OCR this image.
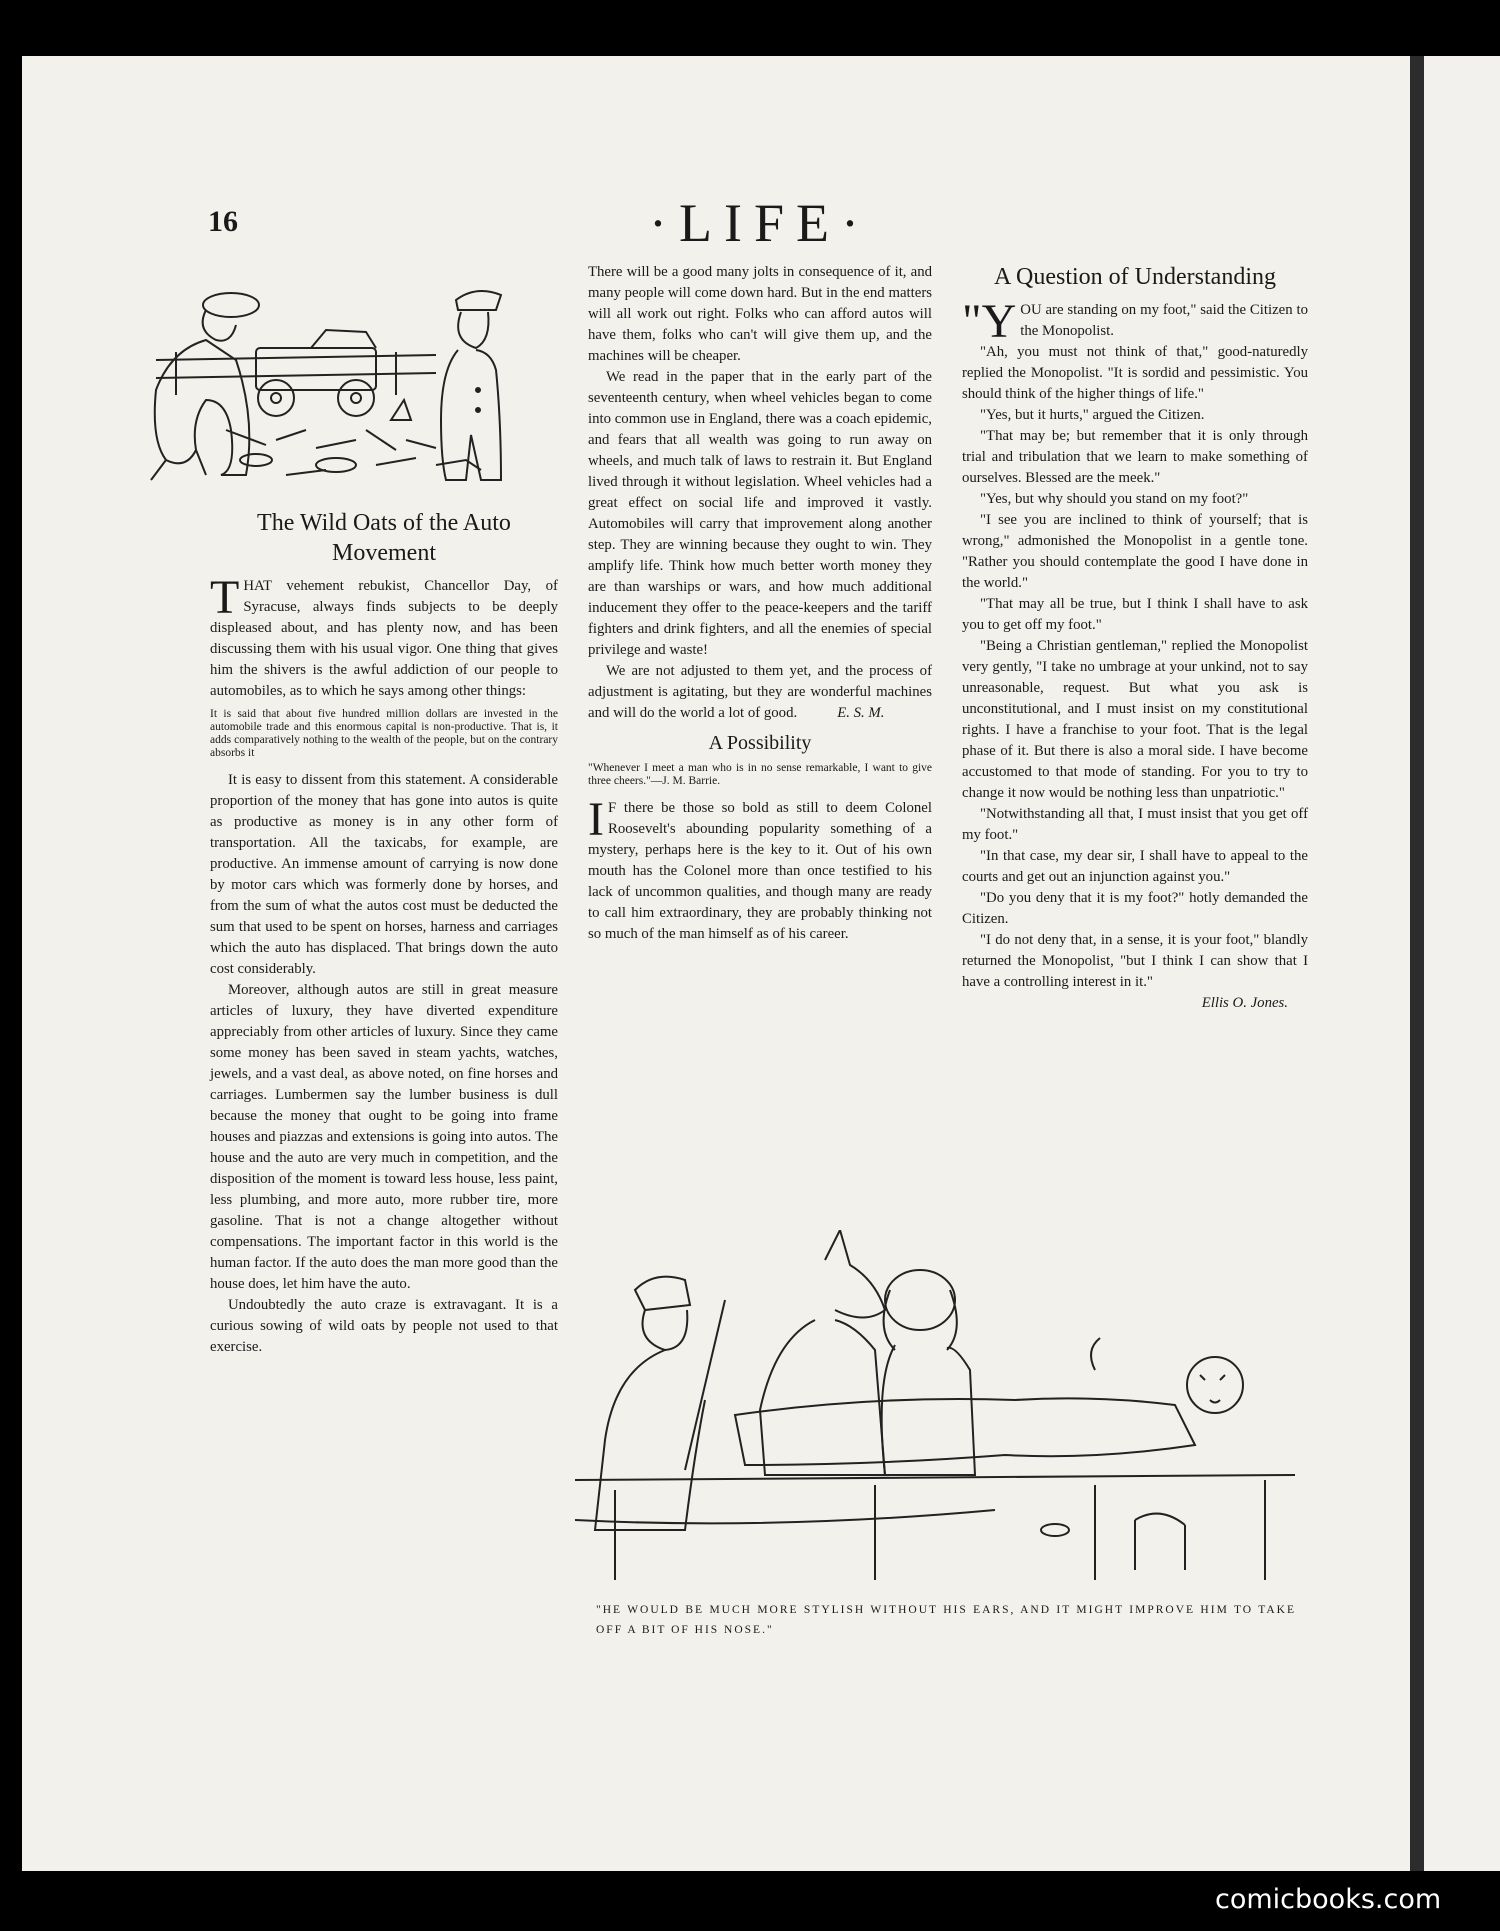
16	·LIFE·
The Wild Oats of the Auto Movement

THAT vehement rebukist, Chancellor Day, of Syracuse, always finds subjects to be deeply displeased about, and has plenty now, and has been discussing them with his usual vigor. One thing that gives him the shivers is the awful addiction of our people to automobiles, as to which he says among other things:

It is said that about five hundred million dollars are invested in the automobile trade and this enormous capital is non-productive. That is, it adds comparatively nothing to the wealth of the people, but on the contrary absorbs it

It is easy to dissent from this statement. A considerable proportion of the money that has gone into autos is quite as productive as money is in any other form of transportation. All the taxicabs, for example, are productive. An immense amount of carrying is now done by motor cars which was formerly done by horses, and from the sum of what the autos cost must be deducted the sum that used to be spent on horses, harness and carriages which the auto has displaced. That brings down the auto cost considerably.

Moreover, although autos are still in great measure articles of luxury, they have diverted expenditure appreciably from other articles of luxury. Since they came some money has been saved in steam yachts, watches, jewels, and a vast deal, as above noted, on fine horses and carriages. Lumbermen say the lumber business is dull because the money that ought to be going into frame houses and piazzas and extensions is going into autos. The house and the auto are very much in competition, and the disposition of the moment is toward less house, less paint, less plumbing, and more auto, more rubber tire, more gasoline. That is not a change altogether without compensations. The important factor in this world is the human factor. If the auto does the man more good than the house does, let him have the auto.

Undoubtedly the auto craze is extravagant. It is a curious sowing of wild oats by people not used to that exercise.

There will be a good many jolts in consequence of it, and many people will come down hard. But in the end matters will all work out right. Folks who can afford autos will have them, folks who can't will give them up, and the machines will be cheaper.

We read in the paper that in the early part of the seventeenth century, when wheel vehicles began to come into common use in England, there was a coach epidemic, and fears that all wealth was going to run away on wheels, and much talk of laws to restrain it. But England lived through it without legislation. Wheel vehicles had a great effect on social life and improved it vastly. Automobiles will carry that improvement along another step. They are winning because they ought to win. They amplify life. Think how much better worth money they are than warships or wars, and how much additional inducement they offer to the peace-keepers and the tariff fighters and drink fighters, and all the enemies of special privilege and waste!

We are not adjusted to them yet, and the process of adjustment is agitating, but they are wonderful machines and will do the world a lot of good.	E. S. M.

A Possibility
"Whenever I meet a man who is in no sense remarkable, I want to give three cheers."—J. M. Barrie.

I F there be those so bold as still to deem Colonel Roosevelt's abounding popularity something of a mystery, perhaps here is the key to it. Out of his own mouth has the Colonel more than once testified to his lack of uncommon qualities, and though many are ready to call him extraordinary, they are probably thinking not so much of the man himself as of his career.

A Question of Understanding

"Y OU are standing on my foot," said the Citizen to the Monopolist.

"Ah, you must not think of that," good-naturedly replied the Monopolist. "It is sordid and pessimistic. You should think of the higher things of life."

"Yes, but it hurts," argued the Citizen.

"That may be; but remember that it is only through trial and tribulation that we learn to make something of ourselves. Blessed are the meek."

"Yes, but why should you stand on my foot?"

"I see you are inclined to think of yourself; that is wrong," admonished the Monopolist in a gentle tone. "Rather you should contemplate the good I have done in the world."

"That may all be true, but I think I shall have to ask you to get off my foot."

"Being a Christian gentleman," replied the Monopolist very gently, "I take no umbrage at your unkind, not to say unreasonable, request. But what you ask is unconstitutional, and I must insist on my constitutional rights. I have a franchise to your foot. That is the legal phase of it. But there is also a moral side. I have become accustomed to that mode of standing. For you to try to change it now would be nothing less than unpatriotic."

"Notwithstanding all that, I must insist that you get off my foot."

"In that case, my dear sir, I shall have to appeal to the courts and get out an injunction against you."

"Do you deny that it is my foot?" hotly demanded the Citizen.

"I do not deny that, in a sense, it is your foot," blandly returned the Monopolist, "but I think I can show that I have a controlling interest in it."

Ellis O. Jones.
"HE WOULD BE MUCH MORE STYLISH WITHOUT HIS EARS, AND IT MIGHT IMPROVE HIM TO TAKE OFF A BIT OF HIS NOSE."
comicbooks.com
